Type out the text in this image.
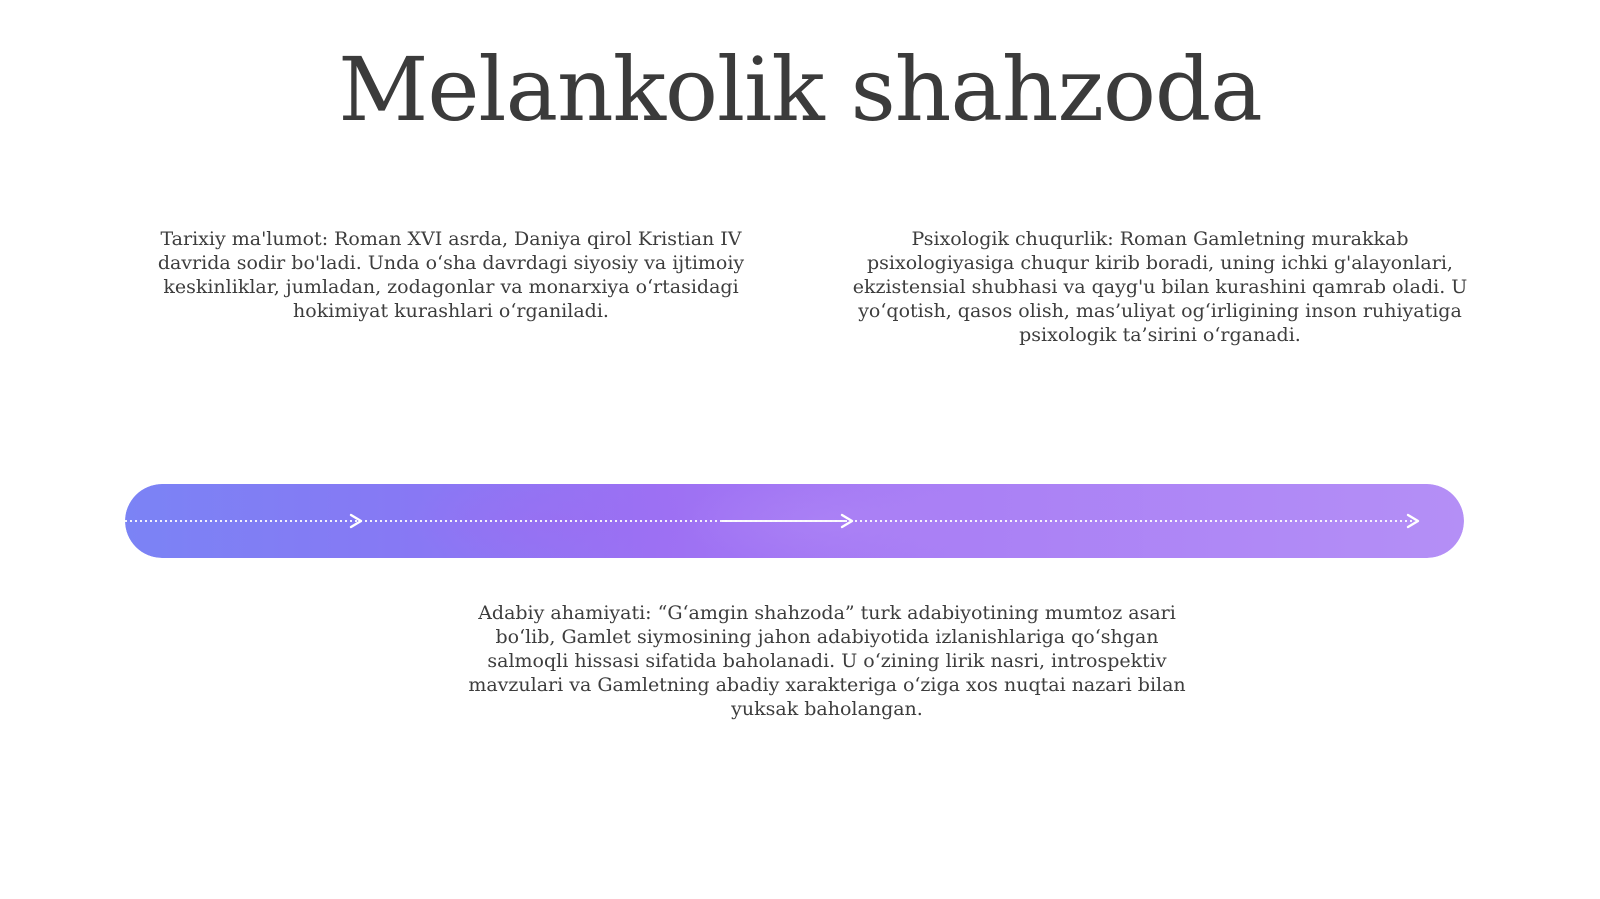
Melankolik shahzoda

Tarixiy ma'lumot: Roman XVI asrda, Daniya qirol Kristian IV davrida sodir bo'ladi. Unda o‘sha davrdagi siyosiy va ijtimoiy keskinliklar, jumladan, zodagonlar va monarxiya o‘rtasidagi hokimiyat kurashlari o‘rganiladi.

Psixologik chuqurlik: Roman Gamletning murakkab psixologiyasiga chuqur kirib boradi, uning ichki g'alayonlari, ekzistensial shubhasi va qayg'u bilan kurashini qamrab oladi. U yo‘qotish, qasos olish, mas’uliyat og‘irligining inson ruhiyatiga psixologik ta’sirini o‘rganadi.

Adabiy ahamiyati: “G‘amgin shahzoda” turk adabiyotining mumtoz asari bo‘lib, Gamlet siymosining jahon adabiyotida izlanishlariga qo‘shgan salmoqli hissasi sifatida baholanadi. U o‘zining lirik nasri, introspektiv mavzulari va Gamletning abadiy xarakteriga o‘ziga xos nuqtai nazari bilan yuksak baholangan.
